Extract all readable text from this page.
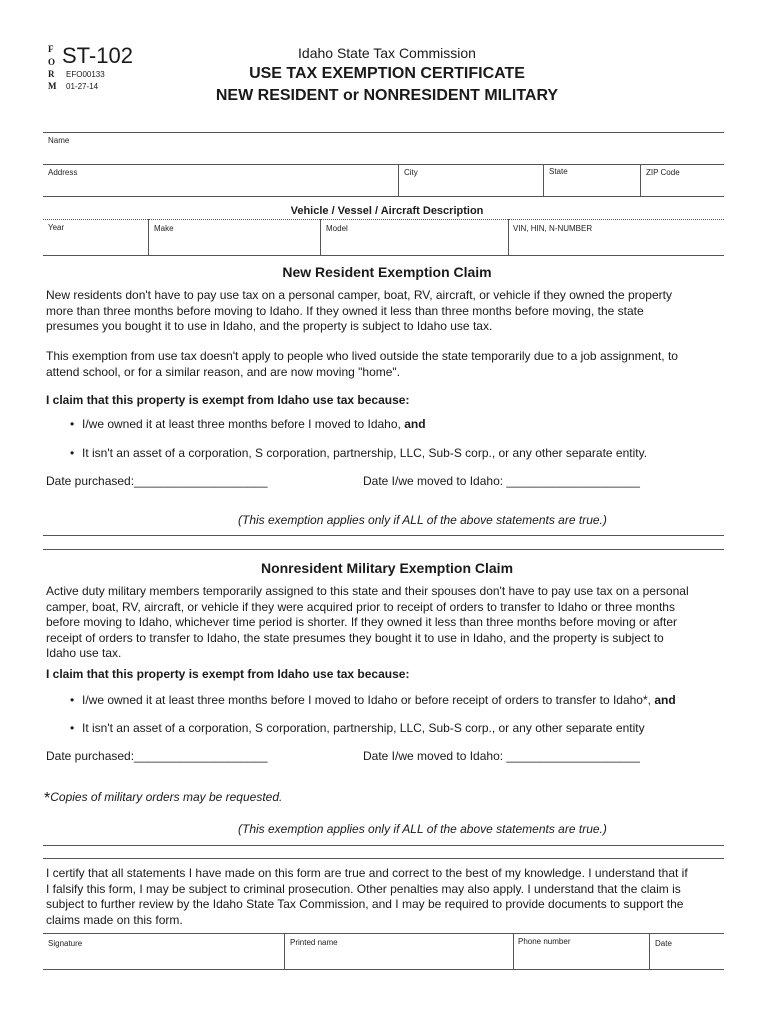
F
O
R
M
ST-102
EFO00133
01-27-14
Idaho State Tax Commission
USE TAX EXEMPTION CERTIFICATE
NEW RESIDENT or NONRESIDENT MILITARY
Name
Address	City	State	ZIP Code
Vehicle / Vessel / Aircraft Description
Year	Make	Model	VIN, HIN, N-NUMBER
New Resident Exemption Claim
New residents don't have to pay use tax on a personal camper, boat, RV, aircraft, or vehicle if they owned the property
more than three months before moving to Idaho. If they owned it less than three months before moving, the state
presumes you bought it to use in Idaho, and the property is subject to Idaho use tax.
This exemption from use tax doesn't apply to people who lived outside the state temporarily due to a job assignment, to
attend school, or for a similar reason, and are now moving "home".
I claim that this property is exempt from Idaho use tax because:
• I/we owned it at least three months before I moved to Idaho, and
• It isn't an asset of a corporation, S corporation, partnership, LLC, Sub-S corp., or any other separate entity.
Date purchased:____________________	Date I/we moved to Idaho: ____________________
(This exemption applies only if ALL of the above statements are true.)
Nonresident Military Exemption Claim
Active duty military members temporarily assigned to this state and their spouses don't have to pay use tax on a personal
camper, boat, RV, aircraft, or vehicle if they were acquired prior to receipt of orders to transfer to Idaho or three months
before moving to Idaho, whichever time period is shorter. If they owned it less than three months before moving or after
receipt of orders to transfer to Idaho, the state presumes they bought it to use in Idaho, and the property is subject to
Idaho use tax.
I claim that this property is exempt from Idaho use tax because:
• I/we owned it at least three months before I moved to Idaho or before receipt of orders to transfer to Idaho*, and
• It isn't an asset of a corporation, S corporation, partnership, LLC, Sub-S corp., or any other separate entity
Date purchased:____________________	Date I/we moved to Idaho: ____________________
*Copies of military orders may be requested.
(This exemption applies only if ALL of the above statements are true.)
I certify that all statements I have made on this form are true and correct to the best of my knowledge. I understand that if
I falsify this form, I may be subject to criminal prosecution. Other penalties may also apply. I understand that the claim is
subject to further review by the Idaho State Tax Commission, and I may be required to provide documents to support the
claims made on this form.
Signature	Printed name	Phone number	Date
